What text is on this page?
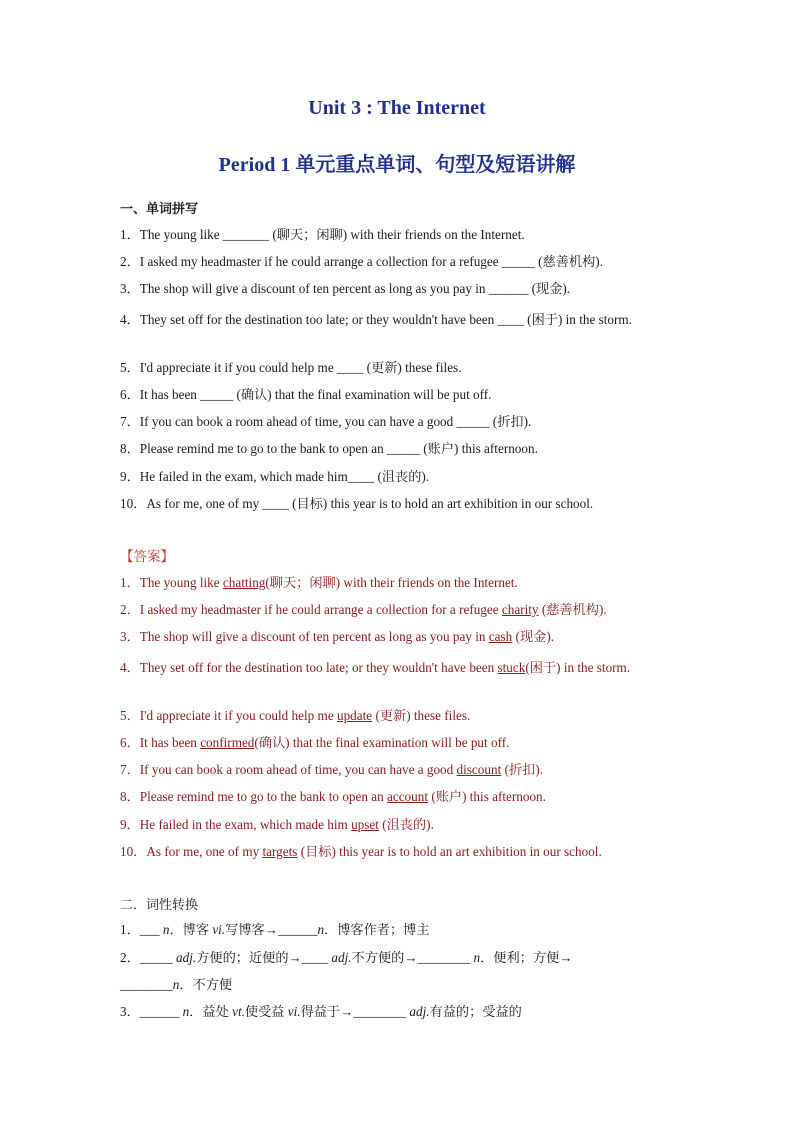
Unit 3 : The Internet
Period 1 单元重点单词、句型及短语讲解
一、单词拼写
1．The young like _______ (聊天；闲聊) with their friends on the Internet.
2．I asked my headmaster if he could arrange a collection for a refugee _____ (慈善机构).
3．The shop will give a discount of ten percent as long as you pay in ______ (现金).
4．They set off for the destination too late; or they wouldn't have been ____ (困于) in the storm.
5．I'd appreciate it if you could help me ____ (更新) these files.
6．It has been _____ (确认) that the final examination will be put off.
7．If you can book a room ahead of time, you can have a good _____ (折扣).
8．Please remind me to go to the bank to open an _____ (账户) this afternoon.
9．He failed in the exam, which made him____ (沮丧的).
10．As for me, one of my ____ (目标) this year is to hold an art exhibition in our school.
【答案】
1．The young like chatting(聊天；闲聊) with their friends on the Internet.
2．I asked my headmaster if he could arrange a collection for a refugee charity (慈善机构).
3．The shop will give a discount of ten percent as long as you pay in cash (现金).
4．They set off for the destination too late; or they wouldn't have been stuck(困于) in the storm.
5．I'd appreciate it if you could help me update (更新) these files.
6．It has been confirmed(确认) that the final examination will be put off.
7．If you can book a room ahead of time, you can have a good discount (折扣).
8．Please remind me to go to the bank to open an account (账户) this afternoon.
9．He failed in the exam, which made him upset (沮丧的).
10．As for me, one of my targets (目标) this year is to hold an art exhibition in our school.
二．词性转换
1．___ n．博客 vi.写博客→______n．博客作者；博主
2．_____ adj.方便的；近便的→____ adj.不方便的→________ n．便利；方便→
________n．不方便
3．______ n．益处 vt.使受益 vi.得益于→________ adj.有益的；受益的
